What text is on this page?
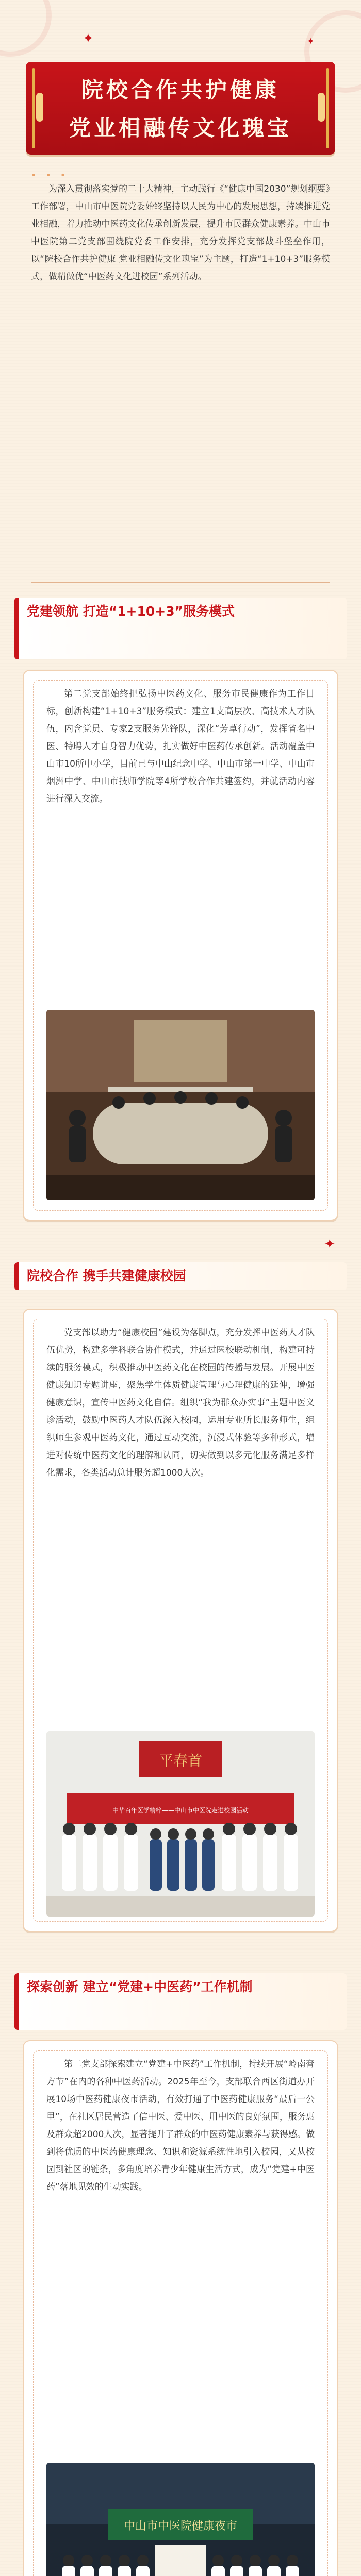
✦	✦
院校合作共护健康
党业相融传文化瑰宝
• • •
为深入贯彻落实党的二十大精神，主动践行《“健康中国2030”规划纲要》工作部署，中山市中医院党委始终坚持以人民为中心的发展思想，持续推进党业相融，着力推动中医药文化传承创新发展，提升市民群众健康素养。中山市中医院第二党支部围绕院党委工作安排，充分发挥党支部战斗堡垒作用，以“院校合作共护健康 党业相融传文化瑰宝”为主题，打造“1+10+3”服务模式，做精做优“中医药文化进校园”系列活动。
党建领航 打造“1+10+3”服务模式
第二党支部始终把弘扬中医药文化、服务市民健康作为工作目标，创新构建“1+10+3”服务模式：建立1支高层次、高技术人才队伍，内含党员、专家2支服务先锋队，深化“芳草行动”，发挥省名中医、特聘人才自身智力优势，扎实做好中医药传承创新。活动覆盖中山市10所中小学，目前已与中山纪念中学、中山市第一中学、中山市烟洲中学、中山市技师学院等4所学校合作共建签约，并就活动内容进行深入交流。
✦
院校合作 携手共建健康校园
党支部以助力“健康校园”建设为落脚点，充分发挥中医药人才队伍优势，构建多学科联合协作模式，并通过医校联动机制，构建可持续的服务模式，积极推动中医药文化在校园的传播与发展。开展中医健康知识专题讲座，聚焦学生体质健康管理与心理健康的延伸，增强健康意识，宣传中医药文化自信。组织“我为群众办实事”主题中医义诊活动，鼓励中医药人才队伍深入校园，运用专业所长服务师生，组织师生参观中医药文化，通过互动交流，沉浸式体验等多种形式，增进对传统中医药文化的理解和认同，切实做到以多元化服务满足多样化需求，各类活动总计服务超1000人次。
平春首
中华百年医学精粹——中山市中医院走进校园活动
探索创新 建立“党建+中医药”工作机制
第二党支部探索建立“党建+中医药”工作机制，持续开展“岭南膏方节”在内的各种中医药活动。2025年至今，支部联合西区街道办开展10场中医药健康夜市活动，有效打通了中医药健康服务“最后一公里”，在社区居民营造了信中医、爱中医、用中医的良好氛围，服务惠及群众超2000人次，显著提升了群众的中医药健康素养与获得感。做到将优质的中医药健康理念、知识和资源系统性地引入校园，又从校园到社区的链条，多角度培养青少年健康生活方式，成为“党建+中医药”落地见效的生动实践。
中山市中医院健康夜市
